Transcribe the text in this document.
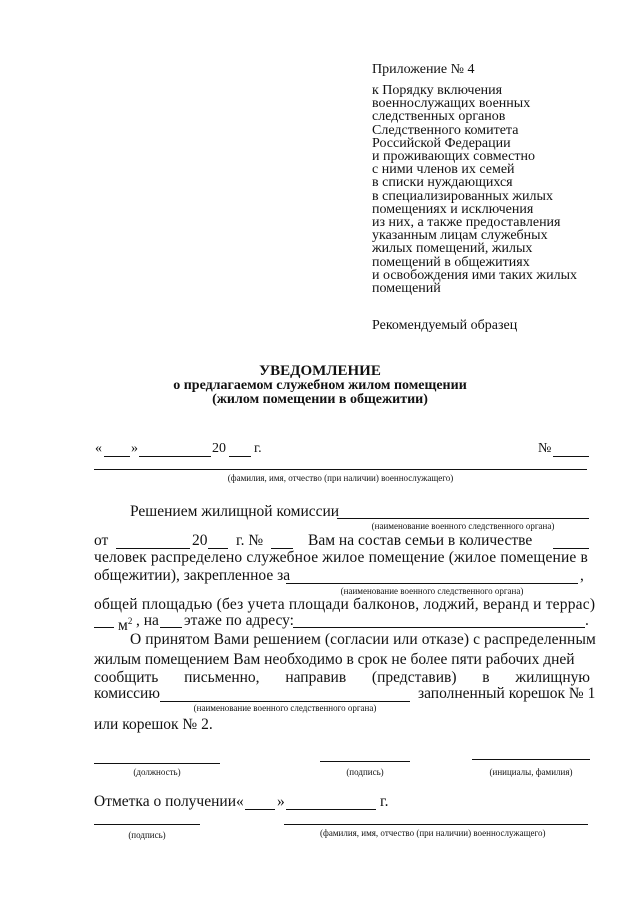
Приложение № 4
к Порядку включения
военнослужащих военных
следственных органов
Следственного комитета
Российской Федерации
и проживающих совместно
с ними членов их семей
в списки нуждающихся
в специализированных жилых
помещениях и исключения
из них, а также предоставления
указанным лицам служебных
жилых помещений, жилых
помещений в общежитиях
и освобождения ими таких жилых
помещений
Рекомендуемый образец
УВЕДОМЛЕНИЕ
о предлагаемом служебном жилом помещении
(жилом помещении в общежитии)
« »	20 г.	№
(фамилия, имя, отчество (при наличии) военнослужащего)
Решением жилищной комиссии
(наименование военного следственного органа)
от	20 г. №	Вам на состав семьи в количестве
человек распределено служебное жилое помещение (жилое помещение в
общежитии), закрепленное за	,
(наименование военного следственного органа)
общей площадью (без учета площади балконов, лоджий, веранд и террас)
$м^2$ , на этаже по адресу:	.
О принятом Вами решением (согласии или отказе) с распределенным
жилым помещением Вам необходимо в срок не более пяти рабочих дней
сообщить письменно, направив (представив) в жилищную
комиссию	заполненный корешок № 1
(наименование военного следственного органа)
или корешок № 2.
(должность)	(подпись)	(инициалы, фамилия)
Отметка о получении « »	г.
(подпись)	(фамилия, имя, отчество (при наличии) военнослужащего)
